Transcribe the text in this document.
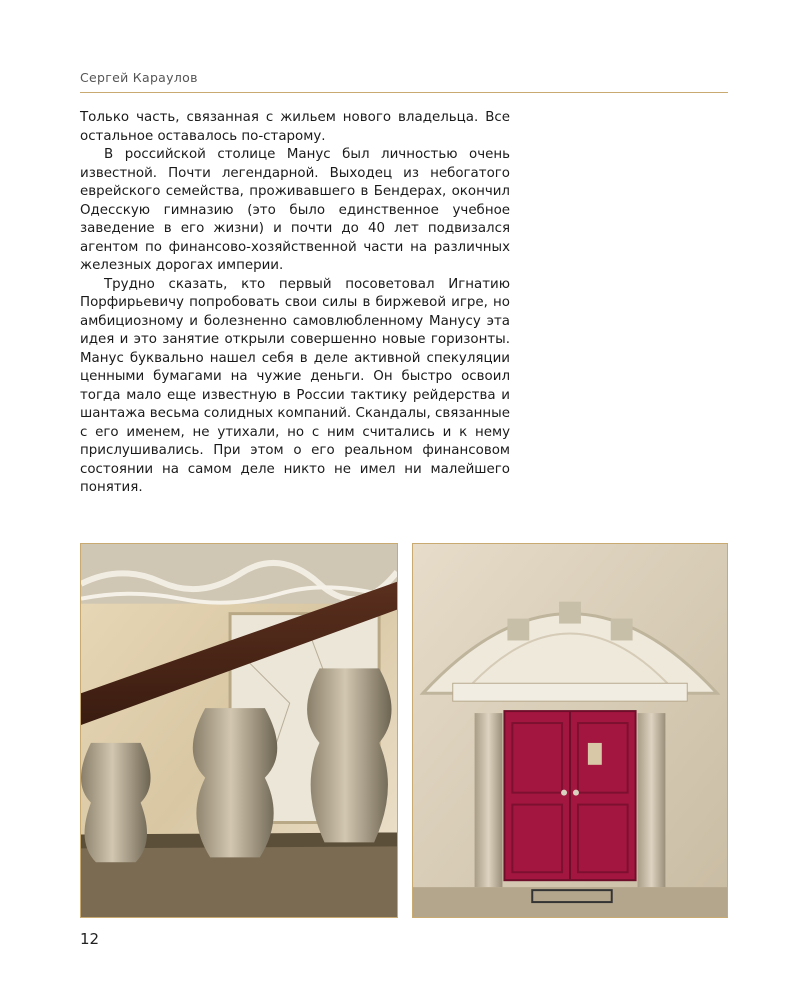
Сергей Караулов

Только часть, связанная с жильем нового владельца. Все остальное оставалось по-старому.

В российской столице Манус был личностью очень известной. Почти легендарной. Выходец из небогатого еврейского семейства, проживавшего в Бендерах, окончил Одесскую гимназию (это было единственное учебное заведение в его жизни) и почти до 40 лет подвизался агентом по финансово-хозяйственной части на различных железных дорогах империи.

Трудно сказать, кто первый посоветовал Игнатию Порфирьевичу попробовать свои силы в биржевой игре, но амбициозному и болезненно самовлюбленному Манусу эта идея и это занятие открыли совершенно новые горизонты. Манус буквально нашел себя в деле активной спекуляции ценными бумагами на чужие деньги. Он быстро освоил тогда мало еще известную в России тактику рейдерства и шантажа весьма солидных компаний. Скандалы, связанные с его именем, не утихали, но с ним считались и к нему прислушивались. При этом о его реальном финансовом состоянии на самом деле никто не имел ни малейшего понятия.

12
